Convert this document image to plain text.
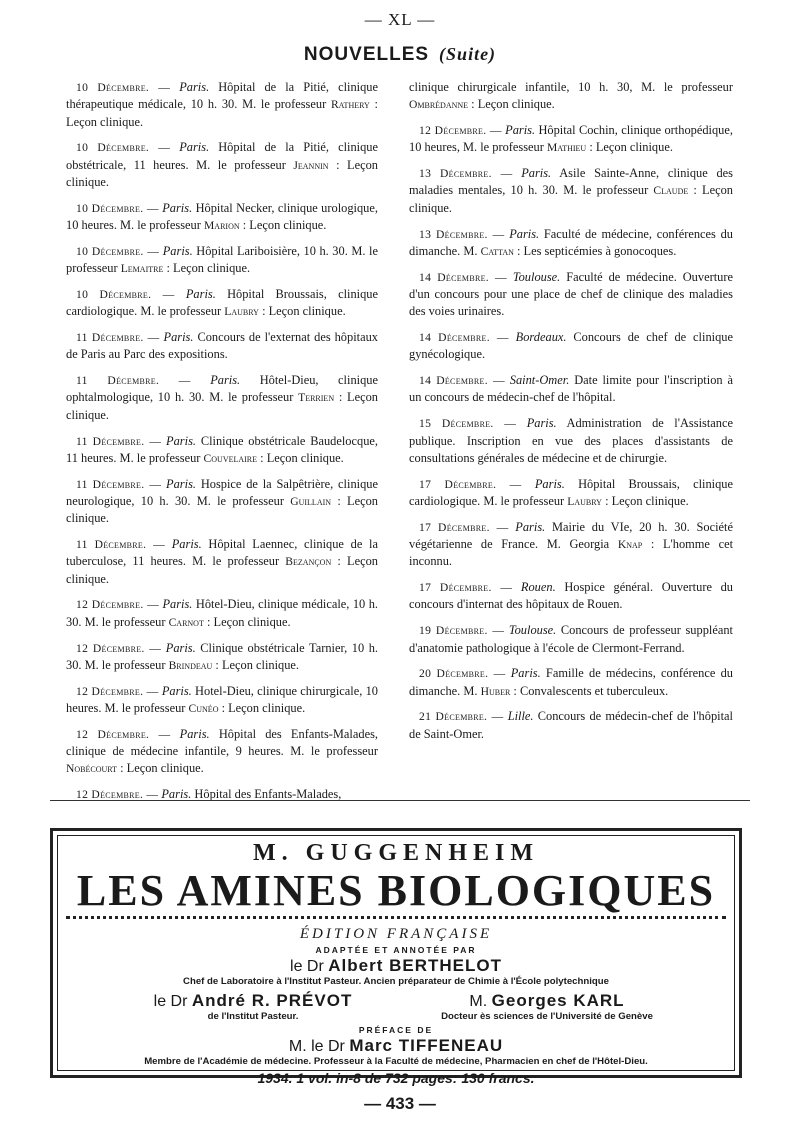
— XL —
NOUVELLES (Suite)

10 Décembre. — Paris. Hôpital de la Pitié, clinique thérapeutique médicale, 10 h. 30. M. le professeur Rathery : Leçon clinique.

10 Décembre. — Paris. Hôpital de la Pitié, clinique obstétricale, 11 heures. M. le professeur Jeannin : Leçon clinique.

10 Décembre. — Paris. Hôpital Necker, clinique urologique, 10 heures. M. le professeur Marion : Leçon clinique.

10 Décembre. — Paris. Hôpital Lariboisière, 10 h. 30. M. le professeur Lemaitre : Leçon clinique.

10 Décembre. — Paris. Hôpital Broussais, clinique cardiologique. M. le professeur Laubry : Leçon clinique.

11 Décembre. — Paris. Concours de l'externat des hôpitaux de Paris au Parc des expositions.

11 Décembre. — Paris. Hôtel-Dieu, clinique ophtalmologique, 10 h. 30. M. le professeur Terrien : Leçon clinique.

11 Décembre. — Paris. Clinique obstétricale Baudelocque, 11 heures. M. le professeur Couvelaire : Leçon clinique.

11 Décembre. — Paris. Hospice de la Salpêtrière, clinique neurologique, 10 h. 30. M. le professeur Guillain : Leçon clinique.

11 Décembre. — Paris. Hôpital Laennec, clinique de la tuberculose, 11 heures. M. le professeur Bezançon : Leçon clinique.

12 Décembre. — Paris. Hôtel-Dieu, clinique médicale, 10 h. 30. M. le professeur Carnot : Leçon clinique.

12 Décembre. — Paris. Clinique obstétricale Tarnier, 10 h. 30. M. le professeur Brindeau : Leçon clinique.

12 Décembre. — Paris. Hotel-Dieu, clinique chirurgicale, 10 heures. M. le professeur Cunéo : Leçon clinique.

12 Décembre. — Paris. Hôpital des Enfants-Malades, clinique de médecine infantile, 9 heures. M. le professeur Nobécourt : Leçon clinique.

12 Décembre. — Paris. Hôpital des Enfants-Malades,

clinique chirurgicale infantile, 10 h. 30, M. le professeur Ombrédanne : Leçon clinique.

12 Décembre. — Paris. Hôpital Cochin, clinique orthopédique, 10 heures, M. le professeur Mathieu : Leçon clinique.

13 Décembre. — Paris. Asile Sainte-Anne, clinique des maladies mentales, 10 h. 30. M. le professeur Claude : Leçon clinique.

13 Décembre. — Paris. Faculté de médecine, conférences du dimanche. M. Cattan : Les septicémies à gonocoques.

14 Décembre. — Toulouse. Faculté de médecine. Ouverture d'un concours pour une place de chef de clinique des maladies des voies urinaires.

14 Décembre. — Bordeaux. Concours de chef de clinique gynécologique.

14 Décembre. — Saint-Omer. Date limite pour l'inscription à un concours de médecin-chef de l'hôpital.

15 Décembre. — Paris. Administration de l'Assistance publique. Inscription en vue des places d'assistants de consultations générales de médecine et de chirurgie.

17 Décembre. — Paris. Hôpital Broussais, clinique cardiologique. M. le professeur Laubry : Leçon clinique.

17 Décembre. — Paris. Mairie du VIe, 20 h. 30. Société végétarienne de France. M. Georgia Knap : L'homme cet inconnu.

17 Décembre. — Rouen. Hospice général. Ouverture du concours d'internat des hôpitaux de Rouen.

19 Décembre. — Toulouse. Concours de professeur suppléant d'anatomie pathologique à l'école de Clermont-Ferrand.

20 Décembre. — Paris. Famille de médecins, conférence du dimanche. M. Huber : Convalescents et tuberculeux.

21 Décembre. — Lille. Concours de médecin-chef de l'hôpital de Saint-Omer.

M. GUGGENHEIM
LES AMINES BIOLOGIQUES
ÉDITION FRANÇAISE
ADAPTÉE ET ANNOTÉE PAR
le Dr Albert BERTHELOT
Chef de Laboratoire à l'Institut Pasteur. Ancien préparateur de Chimie à l'École polytechnique
le Dr André R. PRÉVOT
de l'Institut Pasteur.
M. Georges KARL
Docteur ès sciences de l'Université de Genève
PRÉFACE DE
M. le Dr Marc TIFFENEAU
Membre de l'Académie de médecine. Professeur à la Faculté de médecine, Pharmacien en chef de l'Hôtel-Dieu.
1934. 1 vol. in-8 de 732 pages: 130 francs.
— 433 —
